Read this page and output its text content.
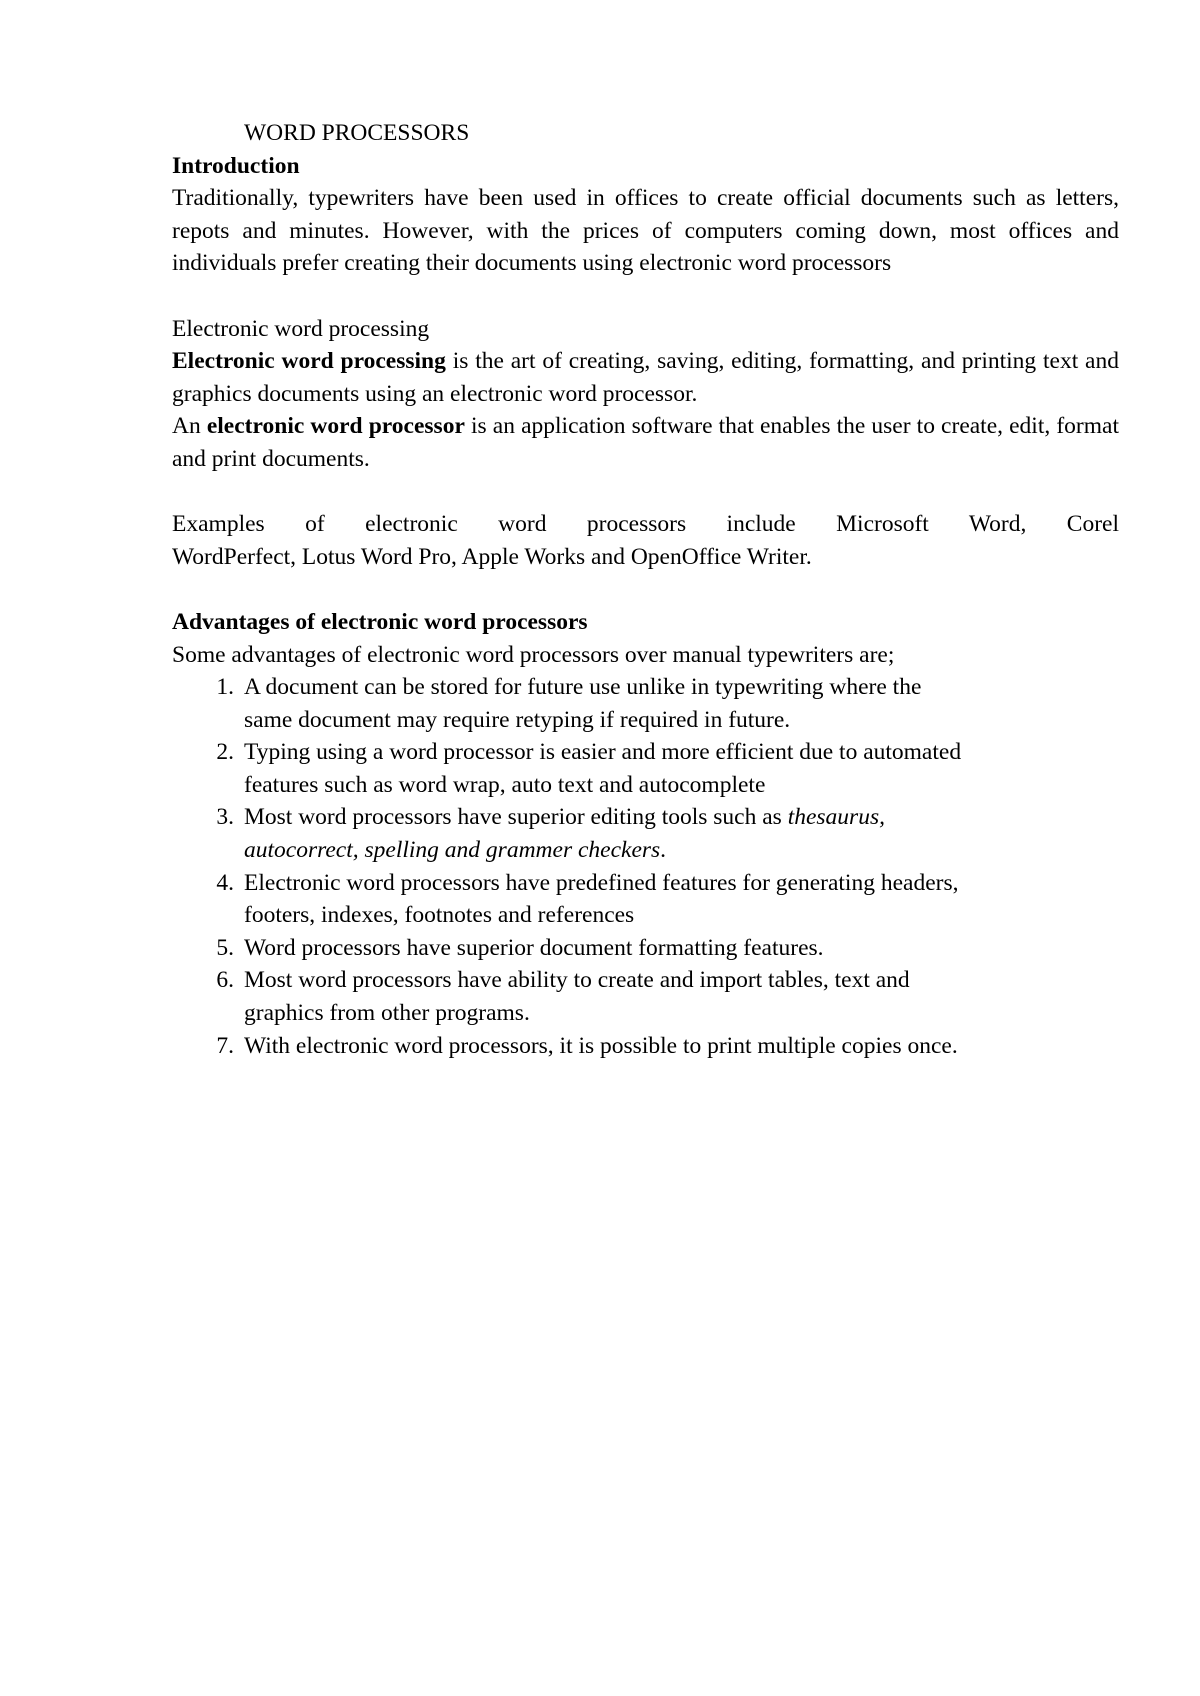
WORD PROCESSORS

Introduction

Traditionally, typewriters have been used in offices to create official documents such as letters, repots and minutes. However, with the prices of computers coming down, most offices and individuals prefer creating their documents using electronic word processors

Electronic word processing

Electronic word processing is the art of creating, saving, editing, formatting, and printing text and graphics documents using an electronic word processor.

An electronic word processor is an application software that enables the user to create, edit, format and print documents.

Examples of electronic word processors include Microsoft Word, Corel

WordPerfect, Lotus Word Pro, Apple Works and OpenOffice Writer.

Advantages of electronic word processors

Some advantages of electronic word processors over manual typewriters are;

1. A document can be stored for future use unlike in typewriting where the
same document may require retyping if required in future.
2. Typing using a word processor is easier and more efficient due to automated
features such as word wrap, auto text and autocomplete
3. Most word processors have superior editing tools such as thesaurus,
autocorrect, spelling and grammer checkers.
4. Electronic word processors have predefined features for generating headers,
footers, indexes, footnotes and references
5. Word processors have superior document formatting features.
6. Most word processors have ability to create and import tables, text and
graphics from other programs.
7. With electronic word processors, it is possible to print multiple copies once.
